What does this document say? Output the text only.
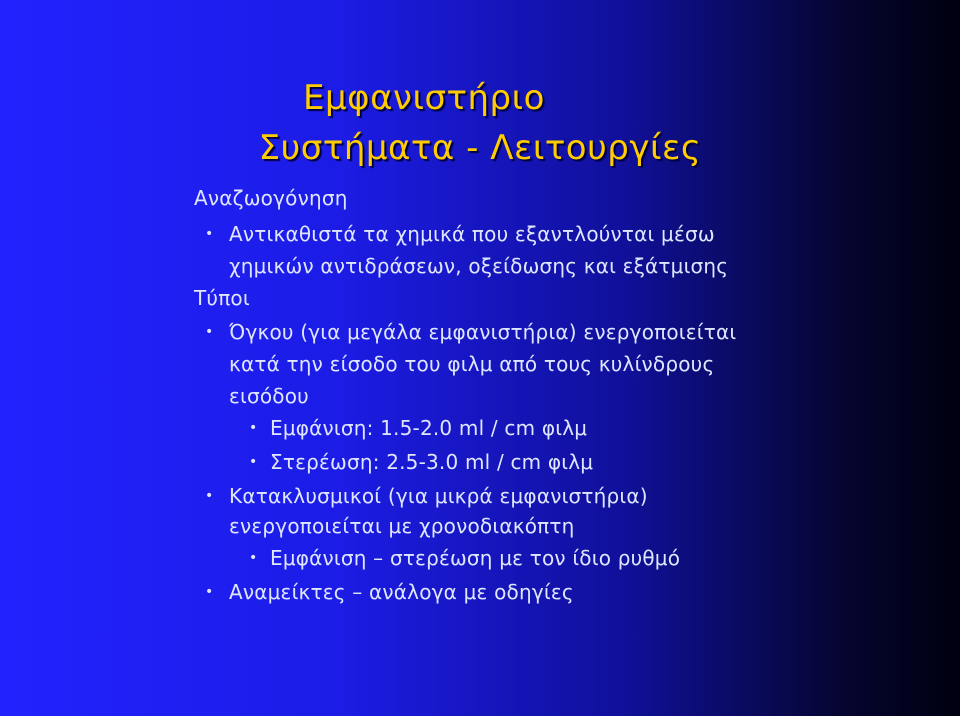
Εμφανιστήριο
Συστήματα - Λειτουργίες
Αναζωογόνηση
• Αντικαθιστά τα χημικά που εξαντλούνται μέσω
χημικών αντιδράσεων, οξείδωσης και εξάτμισης
Τύποι
• Όγκου (για μεγάλα εμφανιστήρια) ενεργοποιείται
κατά την είσοδο του φιλμ από τους κυλίνδρους
εισόδου
• Εμφάνιση: 1.5-2.0 ml / cm φιλμ
• Στερέωση: 2.5-3.0 ml / cm φιλμ
• Κατακλυσμικοί (για μικρά εμφανιστήρια)
ενεργοποιείται με χρονοδιακόπτη
• Εμφάνιση – στερέωση με τον ίδιο ρυθμό
• Αναμείκτες – ανάλογα με οδηγίες
